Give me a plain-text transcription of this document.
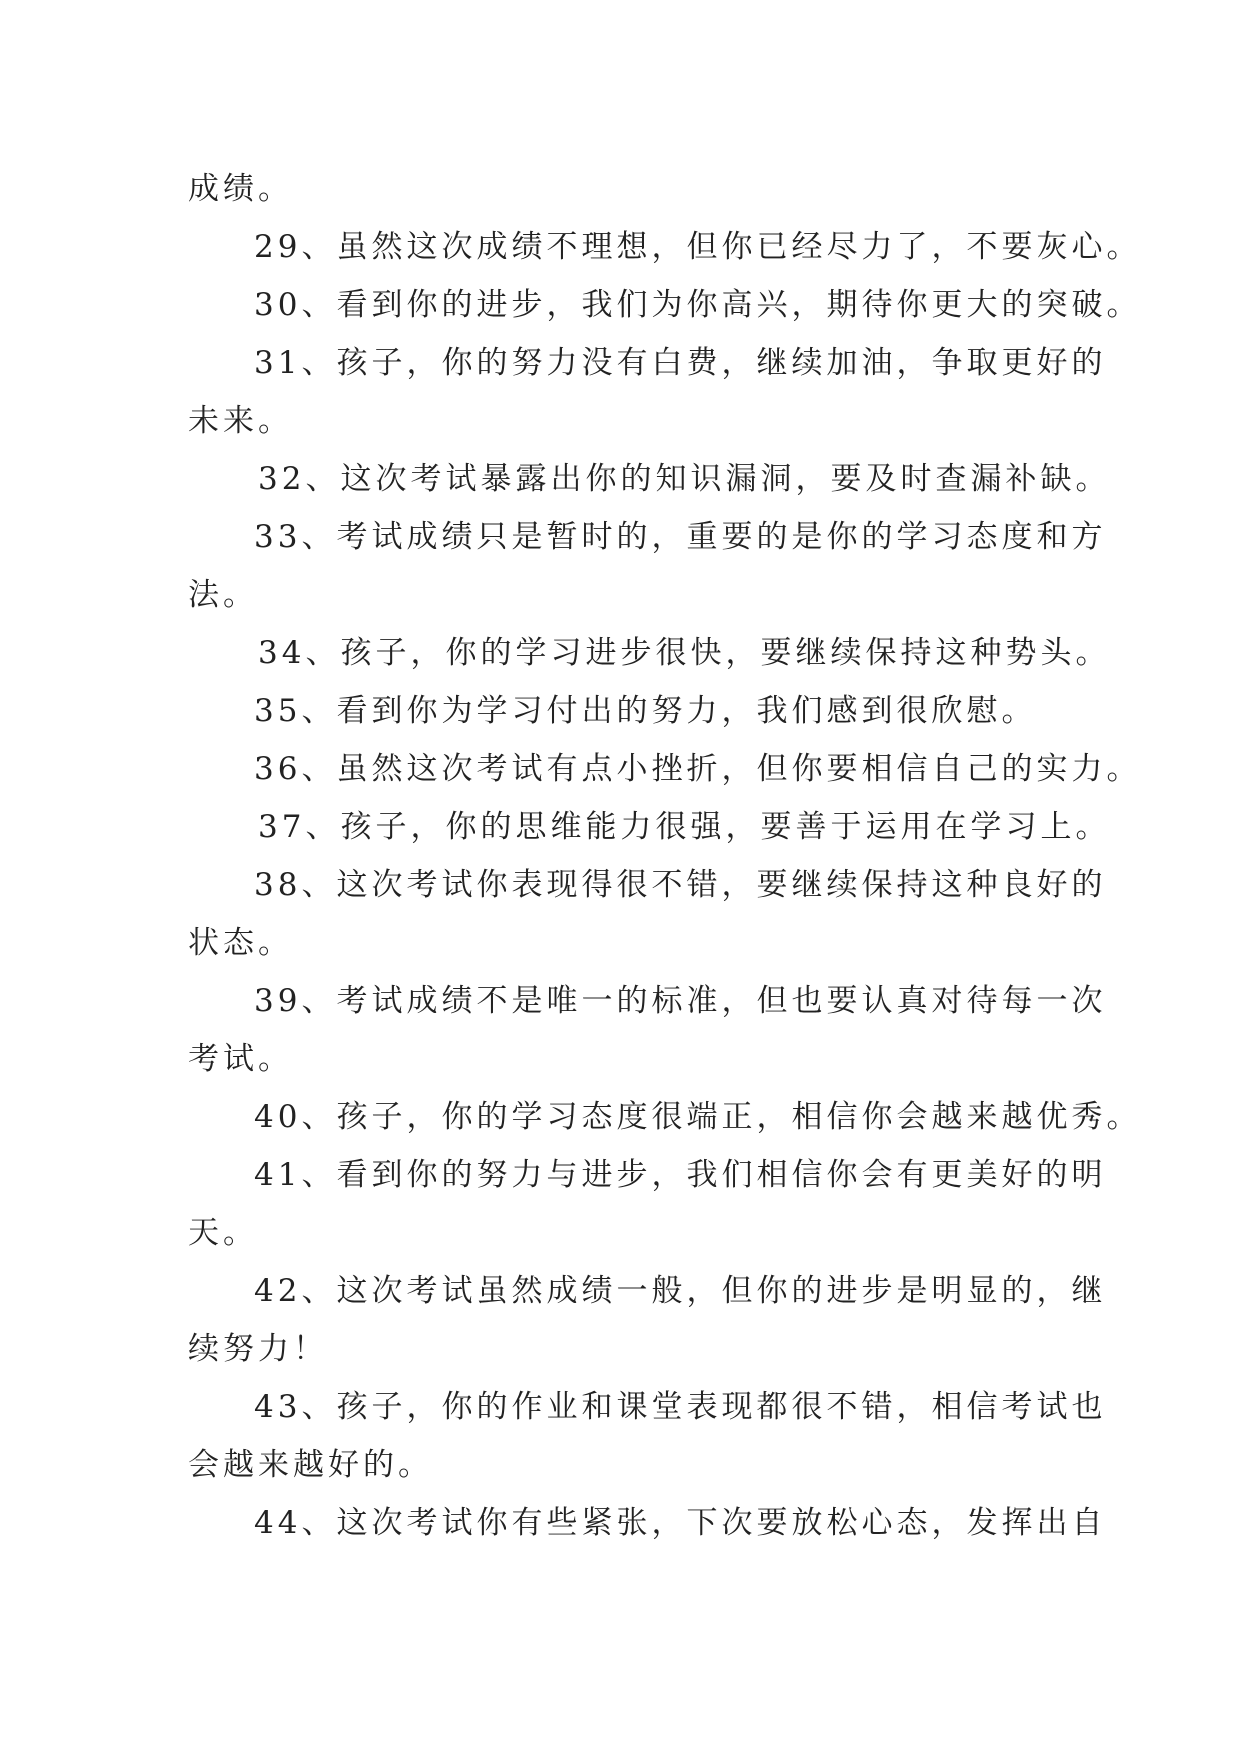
成绩。
29、虽然这次成绩不理想，但你已经尽力了，不要灰心。
30、看到你的进步，我们为你高兴，期待你更大的突破。
31、孩子，你的努力没有白费，继续加油，争取更好的
未来。
32、这次考试暴露出你的知识漏洞，要及时查漏补缺。
33、考试成绩只是暂时的，重要的是你的学习态度和方
法。
34、孩子，你的学习进步很快，要继续保持这种势头。
35、看到你为学习付出的努力，我们感到很欣慰。
36、虽然这次考试有点小挫折，但你要相信自己的实力。
37、孩子，你的思维能力很强，要善于运用在学习上。
38、这次考试你表现得很不错，要继续保持这种良好的
状态。
39、考试成绩不是唯一的标准，但也要认真对待每一次
考试。
40、孩子，你的学习态度很端正，相信你会越来越优秀。
41、看到你的努力与进步，我们相信你会有更美好的明
天。
42、这次考试虽然成绩一般，但你的进步是明显的，继
续努力！
43、孩子，你的作业和课堂表现都很不错，相信考试也
会越来越好的。
44、这次考试你有些紧张，下次要放松心态，发挥出自
